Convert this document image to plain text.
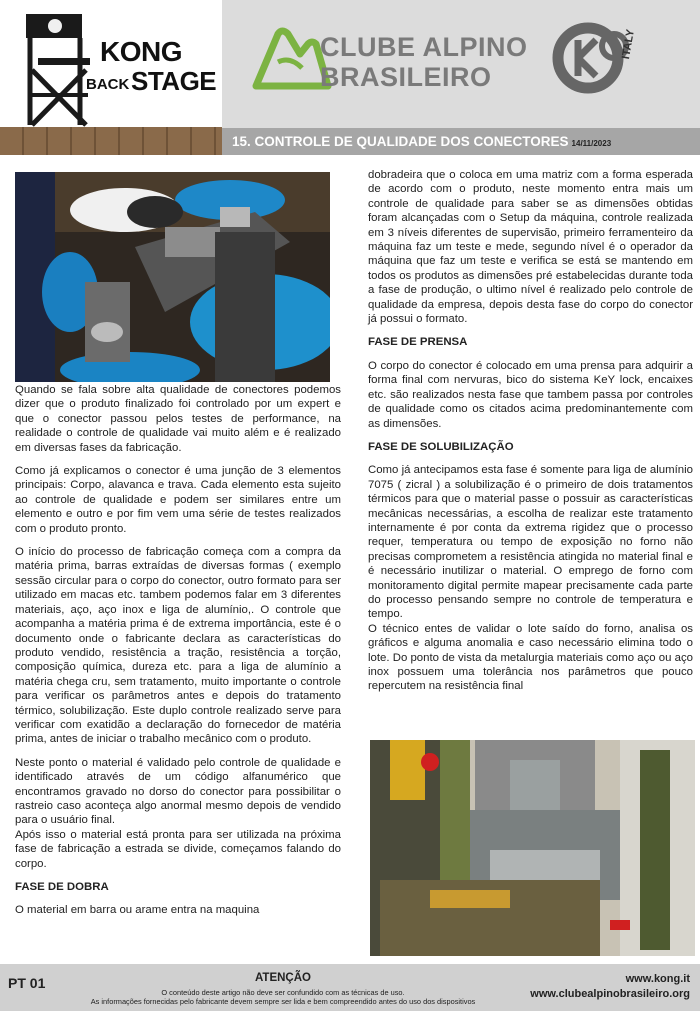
KONG
BACK STAGE
CLUBE ALPINO
BRASILEIRO
ITALY
15. CONTROLE DE QUALIDADE DOS CONECTORES 14/11/2023

Quando se fala sobre alta qualidade de conectores podemos dizer que o produto finalizado foi controlado por um expert e que o conector passou pelos testes de performance, na realidade o controle de qualidade vai muito além e é realizado em diversas fases da fabricação.

Como já explicamos o conector é uma junção de 3 elementos principais: Corpo, alavanca e trava. Cada elemento esta sujeito ao controle de qualidade e podem ser similares entre um elemento e outro e por fim vem uma série de testes realizados com o produto pronto.

O início do processo de fabricação começa com a compra da matéria prima, barras extraídas de diversas formas ( exemplo sessão circular para o corpo do conector, outro formato para ser utilizado em macas etc. tambem podemos falar em 3 diferentes materiais, aço, aço inox e liga de alumínio,. O controle que acompanha a matéria prima é de extrema importância, este é o documento onde o fabricante declara as características do produto vendido, resistência a tração, resistência a torção, composição química, dureza etc. para a liga de alumínio a matéria chega cru, sem tratamento, muito importante o controle para verificar os parâmetros antes e depois do tratamento térmico, solubilização. Este duplo controle realizado serve para verificar com exatidão a declaração do fornecedor de matéria prima, antes de iniciar o trabalho mecânico com o produto.

Neste ponto o material é validado pelo controle de qualidade e identificado através de um código alfanumérico que encontramos gravado no dorso do conector para possibilitar o rastreio caso aconteça algo anormal mesmo depois de vendido para o usuário final.

Após isso o material está pronta para ser utilizada na próxima fase de fabricação a estrada se divide, começamos falando do corpo.

FASE DE DOBRA

O material em barra ou arame entra na maquina

dobradeira que o coloca em uma matriz com a forma esperada de acordo com o produto, neste momento entra mais um controle de qualidade para saber se as dimensões obtidas foram alcançadas com o Setup da máquina, controle realizada em 3 níveis diferentes de supervisão, primeiro ferramenteiro da máquina faz um teste e mede, segundo nível é o operador da máquina que faz um teste e verifica se está se mantendo em todos os produtos as dimensões pré estabelecidas durante toda a fase de produção, o ultimo nível é realizado pelo controle de qualidade da empresa, depois desta fase do corpo do conector já possui o formato.

FASE DE PRENSA

O corpo do conector é colocado em uma prensa para adquirir a forma final com nervuras, bico do sistema KeY lock, encaixes etc. são realizados nesta fase que tambem passa por controles de qualidade como os citados acima predominantemente com as dimensões.

FASE DE SOLUBILIZAÇÃO

Como já antecipamos esta fase é somente para liga de alumínio 7075 ( zicral ) a solubilização é o primeiro de dois tratamentos térmicos para que o material passe o possuir as características mecânicas necessárias, a escolha de realizar este tratamento internamente é por conta da extrema rigidez que o processo requer, temperatura ou tempo de exposição no forno não precisas comprometem a resistência atingida no material final e é necessário inutilizar o material. O emprego de forno com monitoramento digital permite mapear precisamente cada parte do processo pensando sempre no controle de temperatura e tempo.

O técnico entes de validar o lote saído do forno, analisa os gráficos e alguma anomalia e caso necessário elimina todo o lote. Do ponto de vista da metalurgia materiais como aço ou aço inox possuem uma tolerância nos parâmetros que pouco repercutem na resistência final

PT 01	ATENÇÃO
O conteúdo deste artigo não deve ser confundido com as técnicas de uso.
As informações fornecidas pelo fabricante devem sempre ser lida e bem compreendido antes do uso dos dispositivos
www.kong.it
www.clubealpinobrasileiro.org
